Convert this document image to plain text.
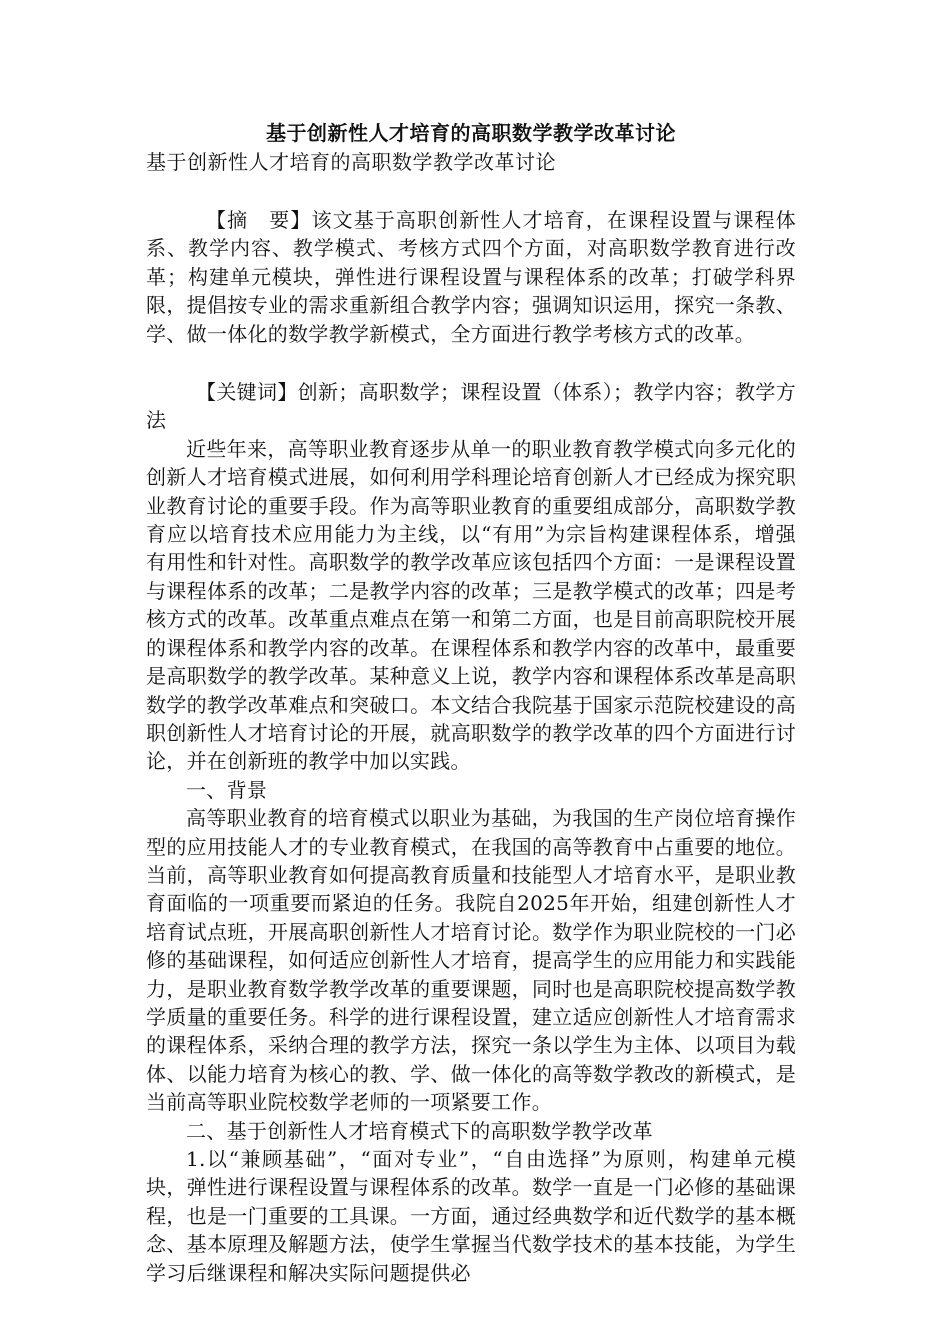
基于创新性人才培育的高职数学教学改革讨论

基于创新性人才培育的高职数学教学改革讨论

【摘　要】该文基于高职创新性人才培育，在课程设置与课程体系、教学内容、教学模式、考核方式四个方面，对高职数学教育进行改革；构建单元模块，弹性进行课程设置与课程体系的改革；打破学科界限，提倡按专业的需求重新组合教学内容；强调知识运用，探究一条教、学、做一体化的数学教学新模式，全方面进行教学考核方式的改革。

【关键词】创新；高职数学；课程设置（体系）；教学内容；教学方法

近些年来，高等职业教育逐步从单一的职业教育教学模式向多元化的创新人才培育模式进展，如何利用学科理论培育创新人才已经成为探究职业教育讨论的重要手段。作为高等职业教育的重要组成部分，高职数学教育应以培育技术应用能力为主线，以“有用”为宗旨构建课程体系，增强有用性和针对性。高职数学的教学改革应该包括四个方面：一是课程设置与课程体系的改革；二是教学内容的改革；三是教学模式的改革；四是考核方式的改革。改革重点难点在第一和第二方面，也是目前高职院校开展的课程体系和教学内容的改革。在课程体系和教学内容的改革中，最重要是高职数学的教学改革。某种意义上说，教学内容和课程体系改革是高职数学的教学改革难点和突破口。本文结合我院基于国家示范院校建设的高职创新性人才培育讨论的开展，就高职数学的教学改革的四个方面进行讨论，并在创新班的教学中加以实践。

一、背景

高等职业教育的培育模式以职业为基础，为我国的生产岗位培育操作型的应用技能人才的专业教育模式，在我国的高等教育中占重要的地位。当前，高等职业教育如何提高教育质量和技能型人才培育水平，是职业教育面临的一项重要而紧迫的任务。我院自2025年开始，组建创新性人才培育试点班，开展高职创新性人才培育讨论。数学作为职业院校的一门必修的基础课程，如何适应创新性人才培育，提高学生的应用能力和实践能力，是职业教育数学教学改革的重要课题，同时也是高职院校提高数学教学质量的重要任务。科学的进行课程设置，建立适应创新性人才培育需求的课程体系，采纳合理的教学方法，探究一条以学生为主体、以项目为载体、以能力培育为核心的教、学、做一体化的高等数学教改的新模式，是当前高等职业院校数学老师的一项紧要工作。

二、基于创新性人才培育模式下的高职数学教学改革

1.以“兼顾基础”，“面对专业”，“自由选择”为原则，构建单元模块，弹性进行课程设置与课程体系的改革。数学一直是一门必修的基础课程，也是一门重要的工具课。一方面，通过经典数学和近代数学的基本概念、基本原理及解题方法，使学生掌握当代数学技术的基本技能，为学生学习后继课程和解决实际问题提供必
